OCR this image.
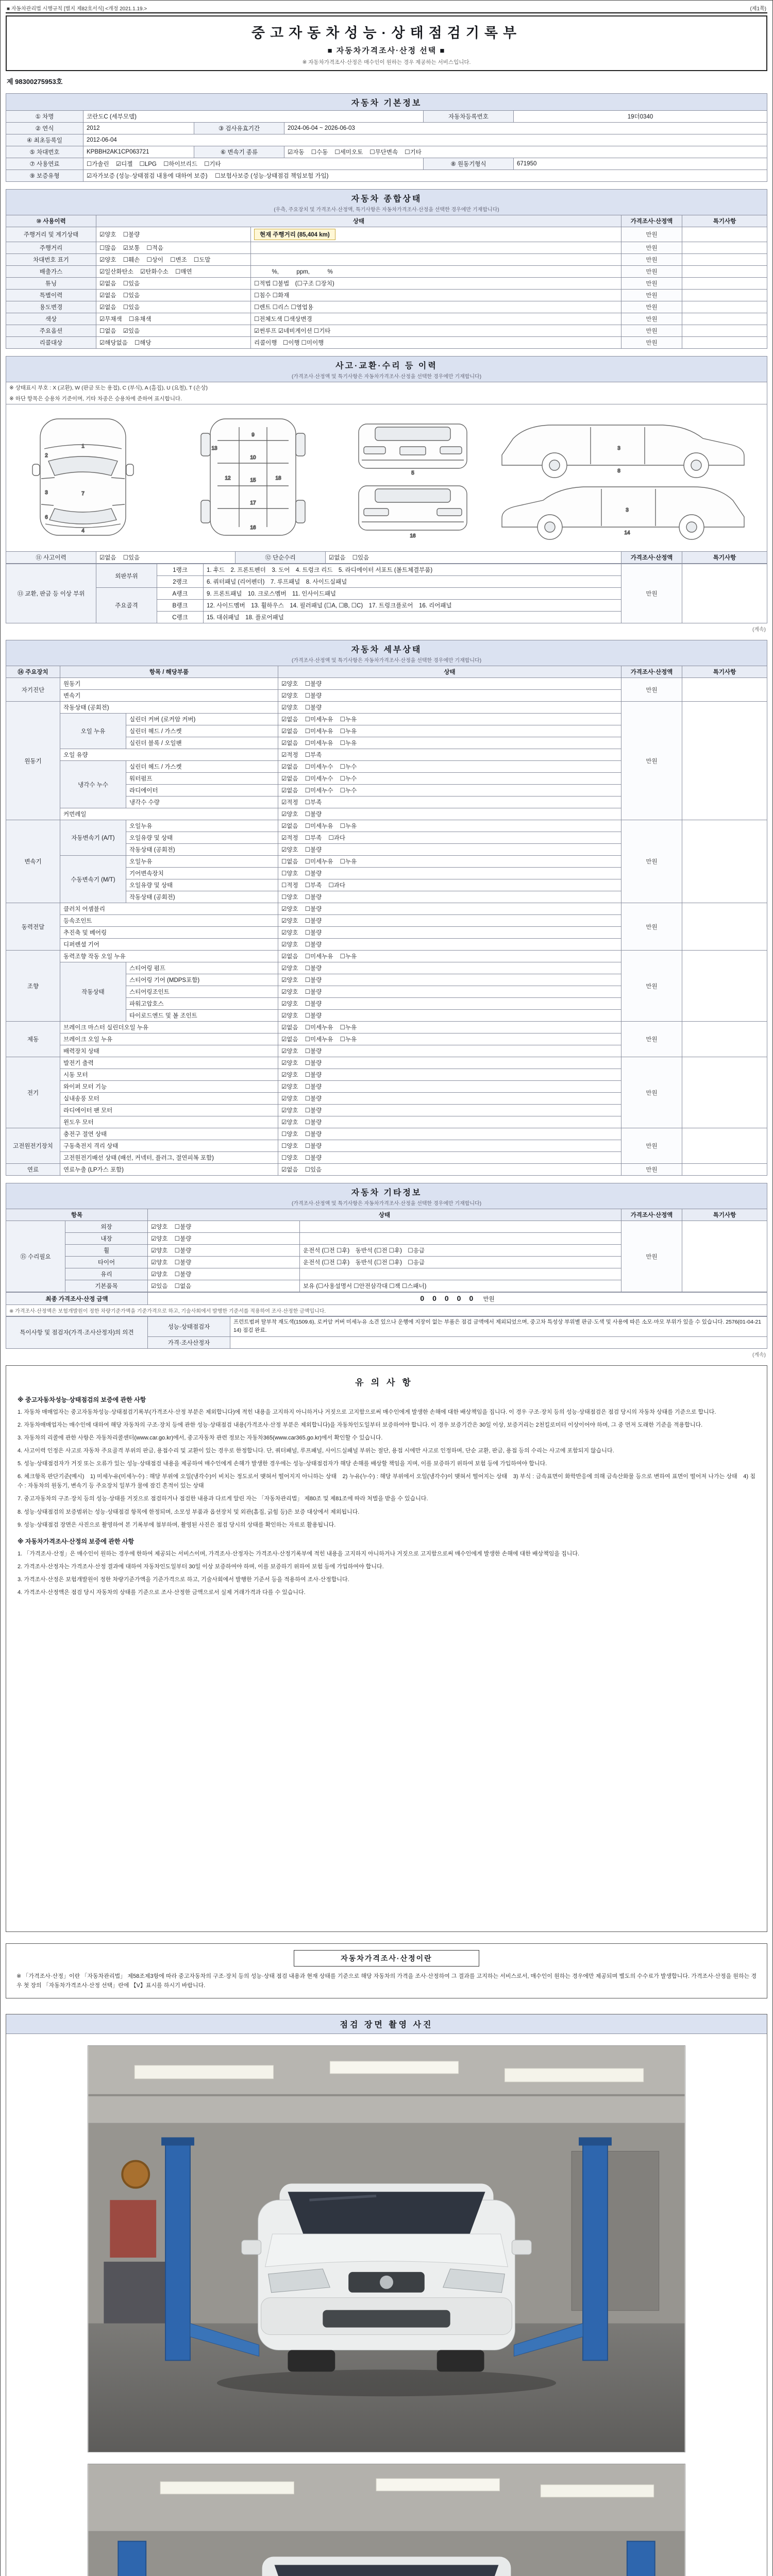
■ 자동차관리법 시행규칙 [별지 제82호서식] <개정 2021.1.19.>	(제1쪽)
중고자동차성능·상태점검기록부
■ 자동차가격조사·산정 선택 ■
※ 자동차가격조사·산정은 매수인이 원하는 경우 제공하는 서비스입니다.
제 98300275953호
자동차 기본정보
① 차명	코란도C (세부모델)			자동차등록번호	19더0340
② 연식	2012	③ 검사유효기간	2024-06-04 ~ 2026-06-03		
④ 최초등록일	2012-06-04				
⑤ 차대번호	KPBBH2AK1CP063721	⑥ 변속기 종류	☑자동 ☐수동 ☐세미오토 ☐무단변속 ☐기타		
⑦ 사용연료	☐가솔린 ☑디젤 ☐LPG ☐하이브리드 ☐기타			⑧ 원동기형식	671950
⑨ 보증유형	☑자가보증 (성능·상태점검 내용에 대하여 보증)　 ☐보험사보증 (성능·상태점검 책임보험 가입)				
자동차 종합상태
(우측, 주요장치 및 가격조사·산정액, 특기사항은 자동차가격조사·산정을 선택한 경우에만 기재합니다)
⑩ 사용이력	상태		가격조사·산정액	특기사항
주행거리 및 계기상태	☑양호 ☐불량	현재 주행거리 (85,404 km)	만원	
주행거리	☐많음 ☑보통 ☐적음		만원	
차대번호 표기	☑양호 ☐훼손 ☐상이 ☐변조 ☐도말		만원	
배출가스	☑일산화탄소 ☑탄화수소 ☐매연	　　　%,　　　ppm,　　　%	만원	
튜닝	☑없음 ☐있음	☐적법 ☐불법　(☐구조 ☐장치)	만원	
특별이력	☑없음 ☐있음	☐침수 ☐화재	만원	
용도변경	☑없음 ☐있음	☐렌트 ☐리스 ☐영업용	만원	
색상	☑무채색 ☐유채색	☐전체도색 ☐색상변경	만원	
주요옵션	☐없음 ☑있음	☑썬루프 ☑네비게이션 ☐기타	만원	
리콜대상	☑해당없음 ☐해당	리콜이행　☐이행 ☐미이행	만원	
사고·교환·수리 등 이력
(가격조사·산정액 및 특기사항은 자동차가격조사·산정을 선택한 경우에만 기재합니다)
※ 상태표시 부호 : X (교환), W (판금 또는 용접), C (부식), A (흠집), U (요철), T (손상)
※ 하단 항목은 승용차 기준이며, 기타 차종은 승용차에 준하여 표시합니다.
1
2
3
4
6
7
9
10
12
13
15
16
17
18
5
16
3
8
3
14
⑪ 사고이력	☑없음 ☐있음	⑫ 단순수리	☑없음 ☐있음	가격조사·산정액	특기사항
⑬ 교환, 판금 등 이상 부위	외판부위	1랭크	1. 후드　2. 프론트펜더　3. 도어　4. 트렁크 리드　5. 라디에이터 서포트 (볼트체결부품)	만원	
		2랭크	6. 쿼터패널 (리어펜더)　7. 루프패널　8. 사이드실패널		
	주요골격	A랭크	9. 프론트패널　10. 크로스멤버　11. 인사이드패널		
		B랭크	12. 사이드멤버　13. 휠하우스　14. 필러패널 (☐A, ☐B, ☐C)　17. 트렁크플로어　16. 리어패널		
		C랭크	15. 대쉬패널　18. 플로어패널		
(계속)
자동차 세부상태
(가격조사·산정액 및 특기사항은 자동차가격조사·산정을 선택한 경우에만 기재합니다)
⑭ 주요장치	항목 / 해당부품		상태	가격조사·산정액	특기사항
자기진단	원동기		☑양호 ☐불량	만원	
	변속기		☑양호 ☐불량		
원동기	작동상태 (공회전)		☑양호 ☐불량	만원	
	오일 누유	실린더 커버 (로커암 커버)	☑없음 ☐미세누유 ☐누유		
		실린더 헤드 / 가스켓	☑없음 ☐미세누유 ☐누유		
		실린더 블록 / 오일팬	☑없음 ☐미세누유 ☐누유		
	오일 유량		☑적정 ☐부족		
	냉각수 누수	실린더 헤드 / 가스켓	☑없음 ☐미세누수 ☐누수		
		워터펌프	☑없음 ☐미세누수 ☐누수		
		라디에이터	☑없음 ☐미세누수 ☐누수		
		냉각수 수량	☑적정 ☐부족		
	커먼레일		☑양호 ☐불량		
변속기	자동변속기 (A/T)	오일누유	☑없음 ☐미세누유 ☐누유	만원	
		오일유량 및 상태	☑적정 ☐부족 ☐과다		
		작동상태 (공회전)	☑양호 ☐불량		
	수동변속기 (M/T)	오일누유	☐없음 ☐미세누유 ☐누유		
		기어변속장치	☐양호 ☐불량		
		오일유량 및 상태	☐적정 ☐부족 ☐과다		
		작동상태 (공회전)	☐양호 ☐불량		
동력전달	클러치 어셈블리		☑양호 ☐불량	만원	
	등속조인트		☑양호 ☐불량		
	추진축 및 베어링		☑양호 ☐불량		
	디퍼렌셜 기어		☑양호 ☐불량		
조향	동력조향 작동 오일 누유		☑없음 ☐미세누유 ☐누유	만원	
	작동상태	스티어링 펌프	☑양호 ☐불량		
		스티어링 기어 (MDPS포함)	☑양호 ☐불량		
		스티어링조인트	☑양호 ☐불량		
		파워고압호스	☑양호 ☐불량		
		타이로드엔드 및 볼 조인트	☑양호 ☐불량		
제동	브레이크 마스터 실린더오일 누유		☑없음 ☐미세누유 ☐누유	만원	
	브레이크 오일 누유		☑없음 ☐미세누유 ☐누유		
	배력장치 상태		☑양호 ☐불량		
전기	발전기 출력		☑양호 ☐불량	만원	
	시동 모터		☑양호 ☐불량		
	와이퍼 모터 기능		☑양호 ☐불량		
	실내송풍 모터		☑양호 ☐불량		
	라디에이터 팬 모터		☑양호 ☐불량		
	윈도우 모터		☑양호 ☐불량		
고전원전기장치	충전구 절연 상태		☐양호 ☐불량	만원	
	구동축전지 격리 상태		☐양호 ☐불량		
	고전원전기배선 상태 (배선, 커넥터, 플러그, 절연피복 포함)		☐양호 ☐불량		
연료	연료누출 (LP가스 포함)		☑없음 ☐있음	만원	
자동차 기타정보
(가격조사·산정액 및 특기사항은 자동차가격조사·산정을 선택한 경우에만 기재합니다)
항목		상태		가격조사·산정액	특기사항
⑮ 수리필요	외장	☑양호 ☐불량		만원	
	내장	☑양호 ☐불량			
	휠	☑양호 ☐불량	운전석 (☐전 ☐후)　동반석 (☐전 ☐후)　☐응급		
	타이어	☑양호 ☐불량	운전석 (☐전 ☐후)　동반석 (☐전 ☐후)　☐응급		
	유리	☑양호 ☐불량			
	기본품목	☑있음 ☐없음	보유 (☐사용설명서 ☐안전삼각대 ☐잭 ☐스패너)		
최종 가격조사·산정 금액	00000 만원
※ 가격조사·산정액은 보험개발원이 정한 차량기준가액을 기준가격으로 하고, 기술사회에서 발행한 기준서를 적용하여 조사·산정한 금액입니다.
특이사항 및 점검자(가격·조사산정자)의 의견	성능·상태점검자	프런트범퍼 탈부착 재도색(1509.6), 로커암 커버 미세누유 소견 있으나 운행에 지장이 없는 부품은 점검 금액에서 제외되었으며, 중고차 특성상 부위별 판금·도색 및 사용에 따른 소모·마모 부위가 있을 수 있습니다. 2576(01-04-2114) 점검 완료.
	가격·조사산정자	
(계속)
유의사항
※ 중고자동차성능·상태점검의 보증에 관한 사항
1. 자동차 매매업자는 중고자동차성능·상태점검기록부(가격조사·산정 부분은 제외합니다)에 적힌 내용을 고지하지 아니하거나 거짓으로 고지함으로써 매수인에게 발생한 손해에 대한 배상책임을 집니다. 이 경우 구조·장치 등의 성능·상태점검은 점검 당시의 자동차 상태를 기준으로 합니다.
2. 자동차매매업자는 매수인에 대하여 해당 자동차의 구조·장치 등에 관한 성능·상태점검 내용(가격조사·산정 부분은 제외합니다)을 자동차인도일부터 보증하여야 합니다. 이 경우 보증기간은 30일 이상, 보증거리는 2천킬로미터 이상이어야 하며, 그 중 먼저 도래한 기준을 적용합니다.
3. 자동차의 리콜에 관한 사항은 자동차리콜센터(www.car.go.kr)에서, 중고자동차 관련 정보는 자동차365(www.car365.go.kr)에서 확인할 수 있습니다.
4. 사고이력 인정은 사고로 자동차 주요골격 부위의 판금, 용접수리 및 교환이 있는 경우로 한정합니다. 단, 쿼터패널, 루프패널, 사이드실패널 부위는 절단, 용접 시에만 사고로 인정하며, 단순 교환, 판금, 용접 등의 수리는 사고에 포함되지 않습니다.
5. 성능·상태점검자가 거짓 또는 오류가 있는 성능·상태점검 내용을 제공하여 매수인에게 손해가 발생한 경우에는 성능·상태점검자가 해당 손해를 배상할 책임을 지며, 이를 보증하기 위하여 보험 등에 가입하여야 합니다.
6. 체크항목 판단기준(예시)　1) 미세누유(미세누수) : 해당 부위에 오일(냉각수)이 비치는 정도로서 맺혀서 떨어지지 아니하는 상태　2) 누유(누수) : 해당 부위에서 오일(냉각수)이 맺혀서 떨어지는 상태　3) 부식 : 금속표면이 화학반응에 의해 금속산화물 등으로 변하여 표면이 떨어져 나가는 상태　4) 침수 : 자동차의 원동기, 변속기 등 주요장치 일부가 물에 잠긴 흔적이 있는 상태
7. 중고자동차의 구조·장치 등의 성능·상태를 거짓으로 점검하거나 점검한 내용과 다르게 알린 자는 「자동차관리법」 제80조 및 제81조에 따라 처벌을 받을 수 있습니다.
8. 성능·상태점검의 보증범위는 성능·상태점검 항목에 한정되며, 소모성 부품과 옵션장치 및 외관(흠집, 긁힘 등)은 보증 대상에서 제외됩니다.
9. 성능·상태점검 장면은 사진으로 촬영하여 본 기록부에 첨부하며, 촬영된 사진은 점검 당시의 상태를 확인하는 자료로 활용됩니다.
※ 자동차가격조사·산정의 보증에 관한 사항
1. 「가격조사·산정」은 매수인이 원하는 경우에 한하여 제공되는 서비스이며, 가격조사·산정자는 가격조사·산정기록부에 적힌 내용을 고지하지 아니하거나 거짓으로 고지함으로써 매수인에게 발생한 손해에 대한 배상책임을 집니다.
2. 가격조사·산정자는 가격조사·산정 결과에 대하여 자동차인도일부터 30일 이상 보증하여야 하며, 이를 보증하기 위하여 보험 등에 가입하여야 합니다.
3. 가격조사·산정은 보험개발원이 정한 차량기준가액을 기준가격으로 하고, 기술사회에서 발행한 기준서 등을 적용하여 조사·산정합니다.
4. 가격조사·산정액은 점검 당시 자동차의 상태를 기준으로 조사·산정한 금액으로서 실제 거래가격과 다를 수 있습니다.
자동차가격조사·산정이란
※ 「가격조사·산정」이란 「자동차관리법」 제58조제3항에 따라 중고자동차의 구조·장치 등의 성능·상태 점검 내용과 현재 상태를 기준으로 해당 자동차의 가격을 조사·산정하여 그 결과를 고지하는 서비스로서, 매수인이 원하는 경우에만 제공되며 별도의 수수료가 발생합니다. 가격조사·산정을 원하는 경우 첫 장의 「자동차가격조사·산정 선택」란에 【V】표시를 하시기 바랍니다.
점검 장면 촬영 사진
